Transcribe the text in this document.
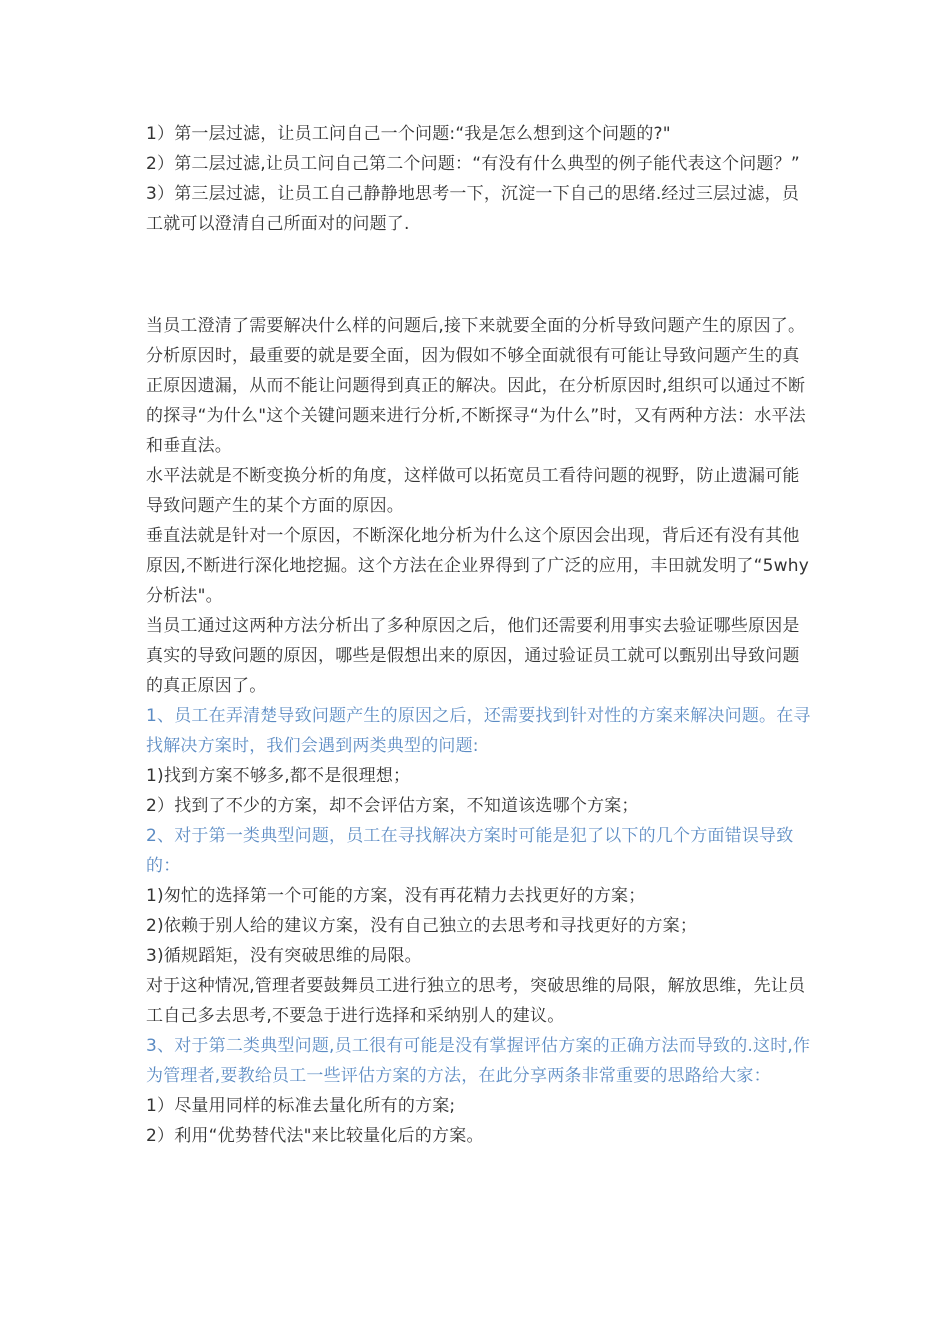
1）第一层过滤，让员工问自己一个问题:“我是怎么想到这个问题的?"

2）第二层过滤,让员工问自己第二个问题：“有没有什么典型的例子能代表这个问题？”

3）第三层过滤，让员工自己静静地思考一下，沉淀一下自己的思绪.经过三层过滤，员工就可以澄清自己所面对的问题了.

当员工澄清了需要解决什么样的问题后,接下来就要全面的分析导致问题产生的原因了。分析原因时，最重要的就是要全面，因为假如不够全面就很有可能让导致问题产生的真正原因遗漏，从而不能让问题得到真正的解决。因此，在分析原因时,组织可以通过不断的探寻“为什么"这个关键问题来进行分析,不断探寻“为什么”时，又有两种方法：水平法和垂直法。

水平法就是不断变换分析的角度，这样做可以拓宽员工看待问题的视野，防止遗漏可能导致问题产生的某个方面的原因。

垂直法就是针对一个原因，不断深化地分析为什么这个原因会出现，背后还有没有其他原因,不断进行深化地挖掘。这个方法在企业界得到了广泛的应用，丰田就发明了“5why 分析法"。

当员工通过这两种方法分析出了多种原因之后，他们还需要利用事实去验证哪些原因是真实的导致问题的原因，哪些是假想出来的原因，通过验证员工就可以甄别出导致问题的真正原因了。

1、员工在弄清楚导致问题产生的原因之后，还需要找到针对性的方案来解决问题。在寻找解决方案时，我们会遇到两类典型的问题:

1)找到方案不够多,都不是很理想；

2）找到了不少的方案，却不会评估方案，不知道该选哪个方案；

2、对于第一类典型问题，员工在寻找解决方案时可能是犯了以下的几个方面错误导致的：

1)匆忙的选择第一个可能的方案，没有再花精力去找更好的方案；

2)依赖于别人给的建议方案，没有自己独立的去思考和寻找更好的方案；

3)循规蹈矩，没有突破思维的局限。

对于这种情况,管理者要鼓舞员工进行独立的思考，突破思维的局限，解放思维，先让员工自己多去思考,不要急于进行选择和采纳别人的建议。

3、对于第二类典型问题,员工很有可能是没有掌握评估方案的正确方法而导致的.这时,作为管理者,要教给员工一些评估方案的方法，在此分享两条非常重要的思路给大家：

1）尽量用同样的标准去量化所有的方案;

2）利用“优势替代法"来比较量化后的方案。
